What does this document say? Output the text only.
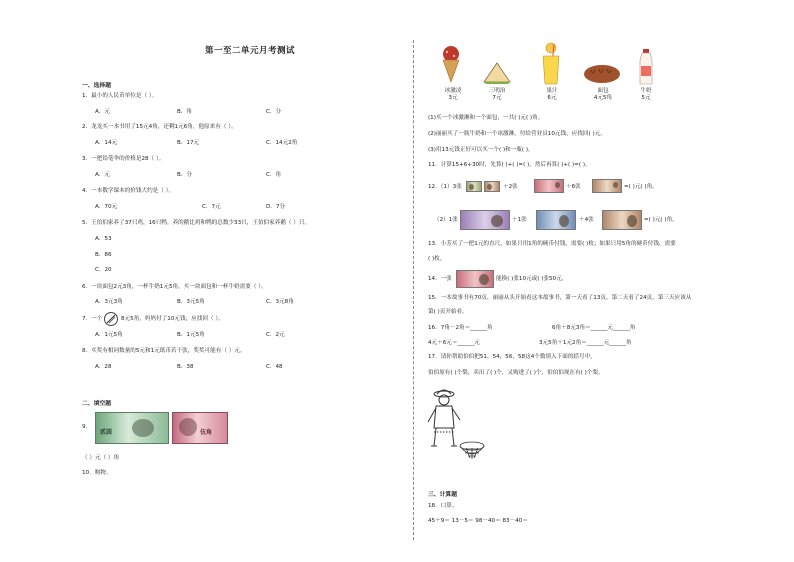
第一至二单元月考测试
一、选择题
1．最小的人民币单位是（ ）。
A．元	B．角	C．分
2．龙龙买一本书用了15元4角，还剩1元6角，他原来有（ ）。
A．14元	B．17元	C．14元2角
3．一把铅笔伞的价格是28（ ）。
A．元	B．分	C．角
4．一本数学课本的价钱大约是（ ）。
A．70元	C．7元	D．7分
5．王伯伯家养了37只鸡，16只鸭。养的鹅比鸡和鸭的总数少33只，王伯伯家养鹅（ ）只。
A．53
B．86
C．20
6．一块面包2元3角，一杯牛奶1元5角，买一块面包和一杯牛奶需要（ ）。
A．3元3角	B．3元5角	C．3元8角
7．一个	8元5角，妈妈付了10元钱，应找回（ ）。
A．1元5角	B．1元5角	C．2元
8．买奖有相同数量的5元和1元纸币若干张，奖奖可能有（ ）元。
A．28	B．38	C．48
二、填空题
9．
贰圆	伍角
（ ）元（ ）角
10．购物。
冰激凌
3元
三明治
7元
果汁
6元
面包
4元5角
牛奶
5元
(1)买一个冰激淋和一个面包，一共( )元( )角。
(2)丽丽买了一瓶牛奶和一个冰激淋，付给营业员10元钱，应找回( )元。
(3)用13元钱正好可以买一个( )和一瓶( )。
11．计算15+6+30时，先算( )+( )=( )，然后再算( )+( )=( )。
12．（1）3张	＋2张	＋6张	=( )元( )角。
（2）1张	＋1张	＋4张	=( )元( )角。
13．小芳买了一把1元的直尺，如果只用1角的硬币付钱，需要( )枚；如果只用5角的硬币付钱，需要
( )枚。
14．一张	能换( )张10元或( )张50元。
15．一本故事书有70页，丽丽从头开始看这本故事书，第一天看了13页，第二天看了24页，第三天应该从
第( )页开始看。
16．7角－2角＝______角	6角＋8元3角＝______元______角
4元＋6元＝______元	3元5角＋1元2角＝______元______角
17．请你帮助伯伯把51，54，56，58这4个数填入下面的括号中。
伯伯原有( )个梨，卖出了( )个，又购进了( )个，伯伯伯现在有( )个梨。
三、计算题
18．口算。
45＋9＝ 13－5＝ 98－40＝ 83－40＝
